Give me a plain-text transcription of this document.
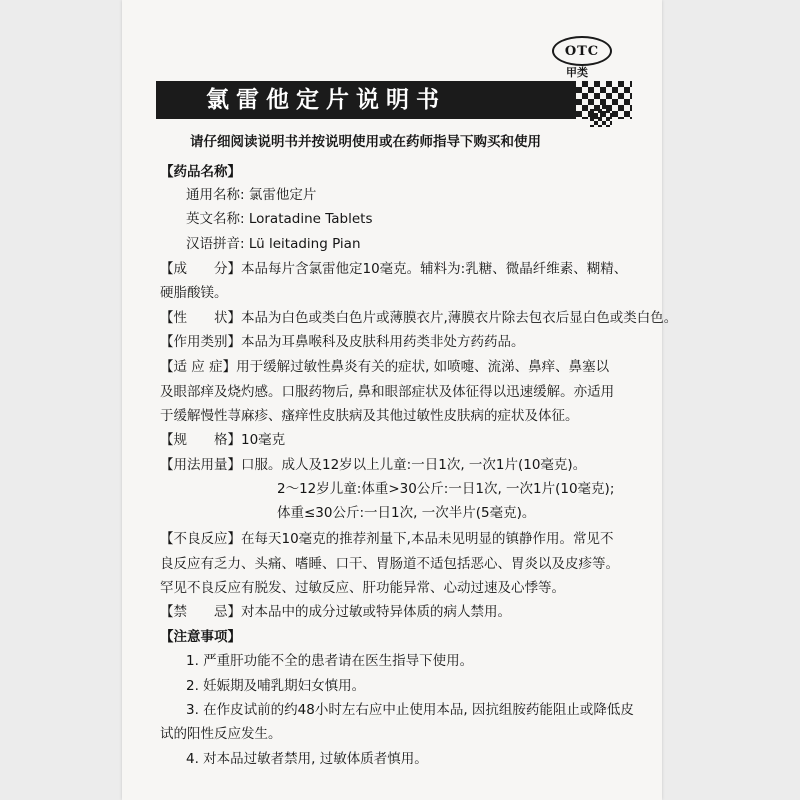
OTC
甲类
氯雷他定片说明书
请仔细阅读说明书并按说明使用或在药师指导下购买和使用
【药品名称】
通用名称: 氯雷他定片
英文名称: Loratadine Tablets
汉语拼音: Lü leitading Pian
【成　　分】本品每片含氯雷他定10毫克。辅料为:乳糖、微晶纤维素、糊精、
硬脂酸镁。
【性　　状】本品为白色或类白色片或薄膜衣片,薄膜衣片除去包衣后显白色或类白色。
【作用类别】本品为耳鼻喉科及皮肤科用药类非处方药药品。
【适 应 症】用于缓解过敏性鼻炎有关的症状, 如喷嚏、流涕、鼻痒、鼻塞以
及眼部痒及烧灼感。口服药物后, 鼻和眼部症状及体征得以迅速缓解。亦适用
于缓解慢性荨麻疹、瘙痒性皮肤病及其他过敏性皮肤病的症状及体征。
【规　　格】10毫克
【用法用量】口服。成人及12岁以上儿童:一日1次, 一次1片(10毫克)。
2～12岁儿童:体重>30公斤:一日1次, 一次1片(10毫克);
体重≤30公斤:一日1次, 一次半片(5毫克)。
【不良反应】在每天10毫克的推荐剂量下,本品未见明显的镇静作用。常见不
良反应有乏力、头痛、嗜睡、口干、胃肠道不适包括恶心、胃炎以及皮疹等。
罕见不良反应有脱发、过敏反应、肝功能异常、心动过速及心悸等。
【禁　　忌】对本品中的成分过敏或特异体质的病人禁用。
【注意事项】
1. 严重肝功能不全的患者请在医生指导下使用。
2. 妊娠期及哺乳期妇女慎用。
3. 在作皮试前的约48小时左右应中止使用本品, 因抗组胺药能阻止或降低皮
试的阳性反应发生。
4. 对本品过敏者禁用, 过敏体质者慎用。
